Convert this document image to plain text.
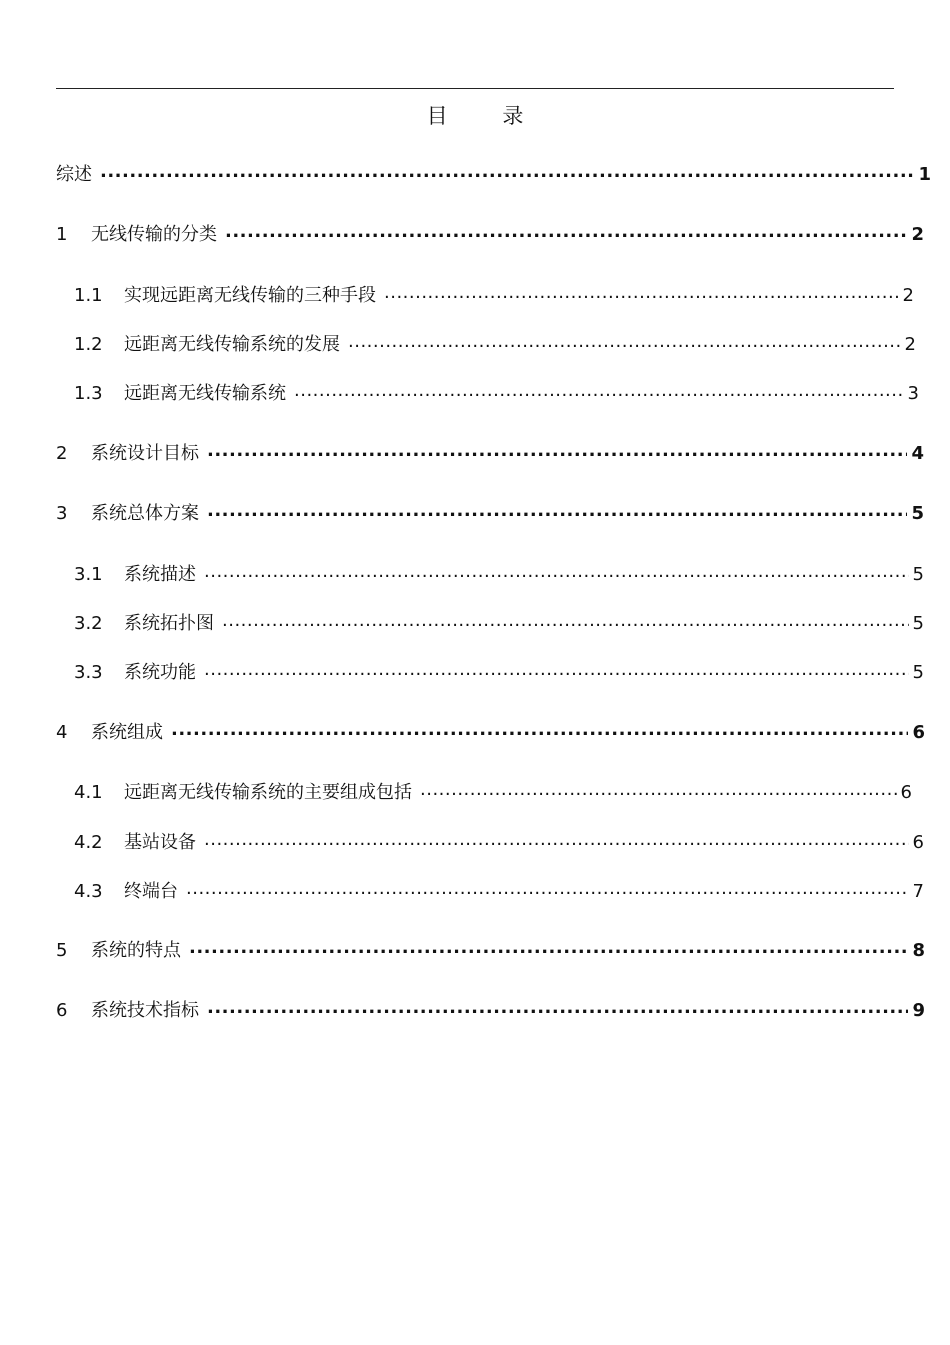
目 录
综述 .....	1
1	无线传输的分类 .....	2
1.1	实现远距离无线传输的三种手段 .....	2
1.2	远距离无线传输系统的发展 .....	2
1.3	远距离无线传输系统 .....	3
2	系统设计目标 .....	4
3	系统总体方案 .....	5
3.1	系统描述 .....	5
3.2	系统拓扑图 .....	5
3.3	系统功能 .....	5
4	系统组成 .....	6
4.1	远距离无线传输系统的主要组成包括 .....	6
4.2	基站设备 .....	6
4.3	终端台 .....	7
5	系统的特点 .....	8
6	系统技术指标 .....	9
